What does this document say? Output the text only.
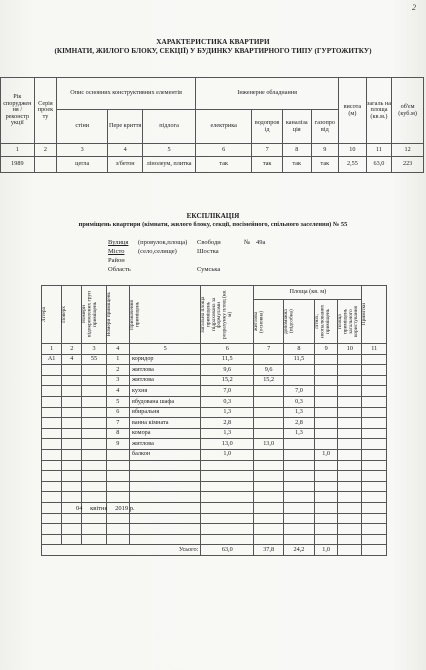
2
ХАРАКТЕРИСТИКА КВАРТИРИ
(КІМНАТИ, ЖИЛОГО БЛОКУ, СЕКЦІЇ) У БУДИНКУ КВАРТИРНОГО ТИПУ (ГУРТОЖИТКУ)
Рік споруджен ня /реконстр укції	Серія проек ту	Опис основних конструктивних елементів			Інженерне обладнання				висота (м)	загаль на площа (кв.м.)	об'єм (куб.м)
		стіни	Пере криття	підлога	електрика	водопров ід	каналіза ція	газопро від			
1	2	3	4	5	6	7	8	9	10	11	12
1989		цегла	з/бетон	лінолеум, плитка	так	так	так	так	2,55	63,0	223
ЕКСПЛІКАЦІЯ
приміщень квартири (кімнати, жилого блоку, секції, посімейного, спільного заселення) № 55
Вулиця (провулок,площа) Свободи	№ 49а
Місто (село,селище)	Шостка
Район
Область	Сумська
Літера	Поверх	Номери відокремлених груп приміщень	Номери приміщень	Призначення приміщень	Загальна площа приміщень підрахована за формулами розрахунку площ (кв. м)	Площа (кв. м)				Примітки

						житлова (основна)	допоміжна (підсобна)	літніх, неопалюваних приміщень	площа приміщень загального користування	

1	2	3	4	5	6	7	8	9	10	11
А1	4	55	1	коридор	11,5		11,5			
			2	житлова	9,6	9,6				
			3	житлова	15,2	15,2				
			4	кухня	7,0		7,0			
			5	вбудована шафа	0,3		0,3			
			6	вбиральня	1,3		1,3			
			7	ванна кімната	2,8		2,8			
			8	комора	1,3		1,3			
			9	житлова	13,0	13,0				
				балкон	1,0			1,0		

Усього:					63,0	37,8	24,2	1,0		
04 квітня 2019 р.
